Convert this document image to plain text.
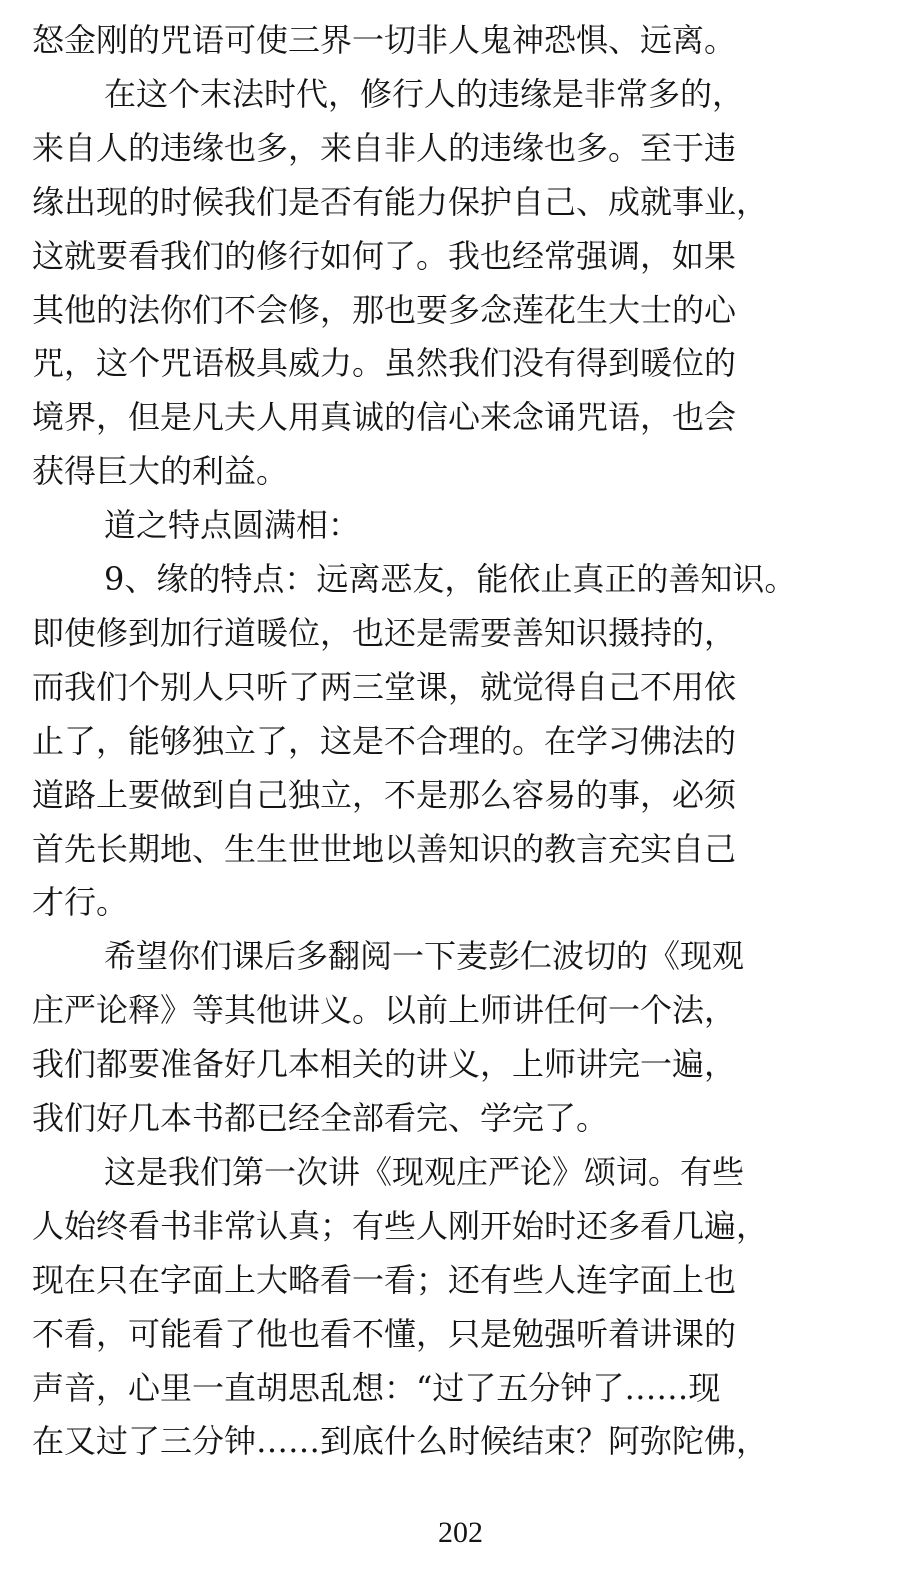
怒金刚的咒语可使三界一切非人鬼神恐惧、远离。
在这个末法时代，修行人的违缘是非常多的，
来自人的违缘也多，来自非人的违缘也多。至于违
缘出现的时候我们是否有能力保护自己、成就事业，
这就要看我们的修行如何了。我也经常强调，如果
其他的法你们不会修，那也要多念莲花生大士的心
咒，这个咒语极具威力。虽然我们没有得到暖位的
境界，但是凡夫人用真诚的信心来念诵咒语，也会
获得巨大的利益。
道之特点圆满相：
9、缘的特点：远离恶友，能依止真正的善知识。
即使修到加行道暖位，也还是需要善知识摄持的，
而我们个别人只听了两三堂课，就觉得自己不用依
止了，能够独立了，这是不合理的。在学习佛法的
道路上要做到自己独立，不是那么容易的事，必须
首先长期地、生生世世地以善知识的教言充实自己
才行。
希望你们课后多翻阅一下麦彭仁波切的《现观
庄严论释》等其他讲义。以前上师讲任何一个法，
我们都要准备好几本相关的讲义，上师讲完一遍，
我们好几本书都已经全部看完、学完了。
这是我们第一次讲《现观庄严论》颂词。有些
人始终看书非常认真；有些人刚开始时还多看几遍，
现在只在字面上大略看一看；还有些人连字面上也
不看，可能看了他也看不懂，只是勉强听着讲课的
声音，心里一直胡思乱想：“过了五分钟了……现
在又过了三分钟……到底什么时候结束？阿弥陀佛，
202
